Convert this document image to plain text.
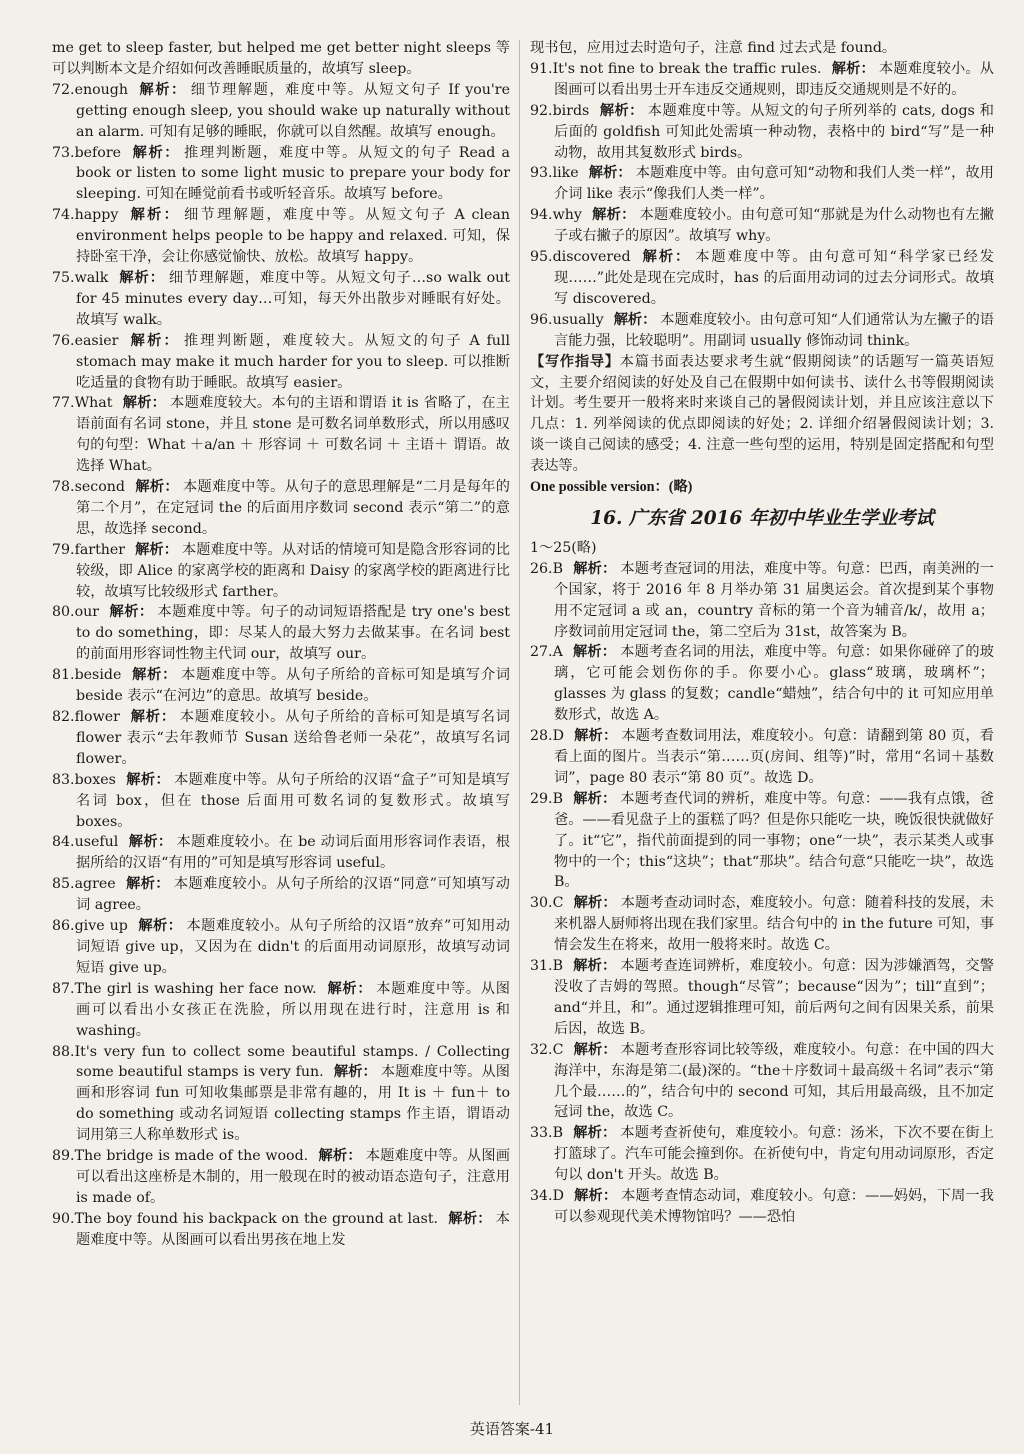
me get to sleep faster, but helped me get better night sleeps 等可以判断本文是介绍如何改善睡眠质量的，故填写 sleep。

72.enough 解析： 细节理解题，难度中等。从短文句子 If you're getting enough sleep, you should wake up naturally without an alarm. 可知有足够的睡眠，你就可以自然醒。故填写 enough。

73.before 解析： 推理判断题，难度中等。从短文的句子 Read a book or listen to some light music to prepare your body for sleeping. 可知在睡觉前看书或听轻音乐。故填写 before。

74.happy 解析： 细节理解题，难度中等。从短文句子 A clean environment helps people to be happy and relaxed. 可知，保持卧室干净，会让你感觉愉快、放松。故填写 happy。

75.walk 解析： 细节理解题，难度中等。从短文句子…so walk out for 45 minutes every day…可知，每天外出散步对睡眠有好处。故填写 walk。

76.easier 解析： 推理判断题，难度较大。从短文的句子 A full stomach may make it much harder for you to sleep. 可以推断吃适量的食物有助于睡眠。故填写 easier。

77.What 解析： 本题难度较大。本句的主语和谓语 it is 省略了，在主语前面有名词 stone，并且 stone 是可数名词单数形式，所以用感叹句的句型：What ＋a/an ＋ 形容词 ＋ 可数名词 ＋ 主语＋ 谓语。故选择 What。

78.second 解析： 本题难度中等。从句子的意思理解是“二月是每年的第二个月”，在定冠词 the 的后面用序数词 second 表示“第二”的意思，故选择 second。

79.farther 解析： 本题难度中等。从对话的情境可知是隐含形容词的比较级，即 Alice 的家离学校的距离和 Daisy 的家离学校的距离进行比较，故填写比较级形式 farther。

80.our 解析： 本题难度中等。句子的动词短语搭配是 try one's best to do something，即：尽某人的最大努力去做某事。在名词 best 的前面用形容词性物主代词 our，故填写 our。

81.beside 解析： 本题难度中等。从句子所给的音标可知是填写介词 beside 表示“在河边”的意思。故填写 beside。

82.flower 解析： 本题难度较小。从句子所给的音标可知是填写名词 flower 表示“去年教师节 Susan 送给鲁老师一朵花”，故填写名词 flower。

83.boxes 解析： 本题难度中等。从句子所给的汉语“盒子”可知是填写名词 box，但在 those 后面用可数名词的复数形式。故填写 boxes。

84.useful 解析： 本题难度较小。在 be 动词后面用形容词作表语，根据所给的汉语“有用的”可知是填写形容词 useful。

85.agree 解析： 本题难度较小。从句子所给的汉语“同意”可知填写动词 agree。

86.give up 解析： 本题难度较小。从句子所给的汉语“放弃”可知用动词短语 give up，又因为在 didn't 的后面用动词原形，故填写动词短语 give up。

87.The girl is washing her face now. 解析： 本题难度中等。从图画可以看出小女孩正在洗脸，所以用现在进行时，注意用 is 和 washing。

88.It's very fun to collect some beautiful stamps. / Collecting some beautiful stamps is very fun. 解析： 本题难度中等。从图画和形容词 fun 可知收集邮票是非常有趣的，用 It is ＋ fun＋ to do something 或动名词短语 collecting stamps 作主语，谓语动词用第三人称单数形式 is。

89.The bridge is made of the wood. 解析： 本题难度中等。从图画可以看出这座桥是木制的，用一般现在时的被动语态造句子，注意用 is made of。

90.The boy found his backpack on the ground at last. 解析： 本题难度中等。从图画可以看出男孩在地上发

现书包，应用过去时造句子，注意 find 过去式是 found。

91.It's not fine to break the traffic rules. 解析： 本题难度较小。从图画可以看出男士开车违反交通规则，即违反交通规则是不好的。

92.birds 解析： 本题难度中等。从短文的句子所列举的 cats, dogs 和后面的 goldfish 可知此处需填一种动物，表格中的 bird“写”是一种动物，故用其复数形式 birds。

93.like 解析： 本题难度中等。由句意可知“动物和我们人类一样”，故用介词 like 表示“像我们人类一样”。

94.why 解析： 本题难度较小。由句意可知“那就是为什么动物也有左撇子或右撇子的原因”。故填写 why。

95.discovered 解析： 本题难度中等。由句意可知“科学家已经发现……”此处是现在完成时，has 的后面用动词的过去分词形式。故填写 discovered。

96.usually 解析： 本题难度较小。由句意可知“人们通常认为左撇子的语言能力强，比较聪明”。用副词 usually 修饰动词 think。

【写作指导】本篇书面表达要求考生就“假期阅读”的话题写一篇英语短文，主要介绍阅读的好处及自己在假期中如何读书、读什么书等假期阅读计划。考生要开一般将来时来谈自己的暑假阅读计划，并且应该注意以下几点：1. 列举阅读的优点即阅读的好处；2. 详细介绍暑假阅读计划；3. 谈一谈自己阅读的感受；4. 注意一些句型的运用，特别是固定搭配和句型表达等。

One possible version：(略)

16. 广东省 2016 年初中毕业生学业考试

1～25(略)

26.B 解析： 本题考查冠词的用法，难度中等。句意：巴西，南美洲的一个国家，将于 2016 年 8 月举办第 31 届奥运会。首次提到某个事物用不定冠词 a 或 an，country 音标的第一个音为辅音/k/，故用 a；序数词前用定冠词 the，第二空后为 31st，故答案为 B。

27.A 解析： 本题考查名词的用法，难度中等。句意：如果你碰碎了的玻璃，它可能会划伤你的手。你要小心。glass“玻璃，玻璃杯”；glasses 为 glass 的复数；candle“蜡烛”，结合句中的 it 可知应用单数形式，故选 A。

28.D 解析： 本题考查数词用法，难度较小。句意：请翻到第 80 页，看看上面的图片。当表示“第……页(房间、组等)”时，常用“名词＋基数词”，page 80 表示“第 80 页”。故选 D。

29.B 解析： 本题考查代词的辨析，难度中等。句意：——我有点饿，爸爸。——看见盘子上的蛋糕了吗？但是你只能吃一块，晚饭很快就做好了。it“它”，指代前面提到的同一事物；one“一块”，表示某类人或事物中的一个；this“这块”；that“那块”。结合句意“只能吃一块”，故选 B。

30.C 解析： 本题考查动词时态，难度较小。句意：随着科技的发展，未来机器人厨师将出现在我们家里。结合句中的 in the future 可知，事情会发生在将来，故用一般将来时。故选 C。

31.B 解析： 本题考查连词辨析，难度较小。句意：因为涉嫌酒驾，交警没收了吉姆的驾照。though“尽管”；because“因为”；till“直到”；and“并且，和”。通过逻辑推理可知，前后两句之间有因果关系，前果后因，故选 B。

32.C 解析： 本题考查形容词比较等级，难度较小。句意：在中国的四大海洋中，东海是第二(最)深的。“the＋序数词＋最高级＋名词”表示“第几个最……的”，结合句中的 second 可知，其后用最高级，且不加定冠词 the，故选 C。

33.B 解析： 本题考查祈使句，难度较小。句意：汤米，下次不要在街上打篮球了。汽车可能会撞到你。在祈使句中，肯定句用动词原形，否定句以 don't 开头。故选 B。

34.D 解析： 本题考查情态动词，难度较小。句意：——妈妈，下周一我可以参观现代美术博物馆吗？——恐怕

英语答案-41
